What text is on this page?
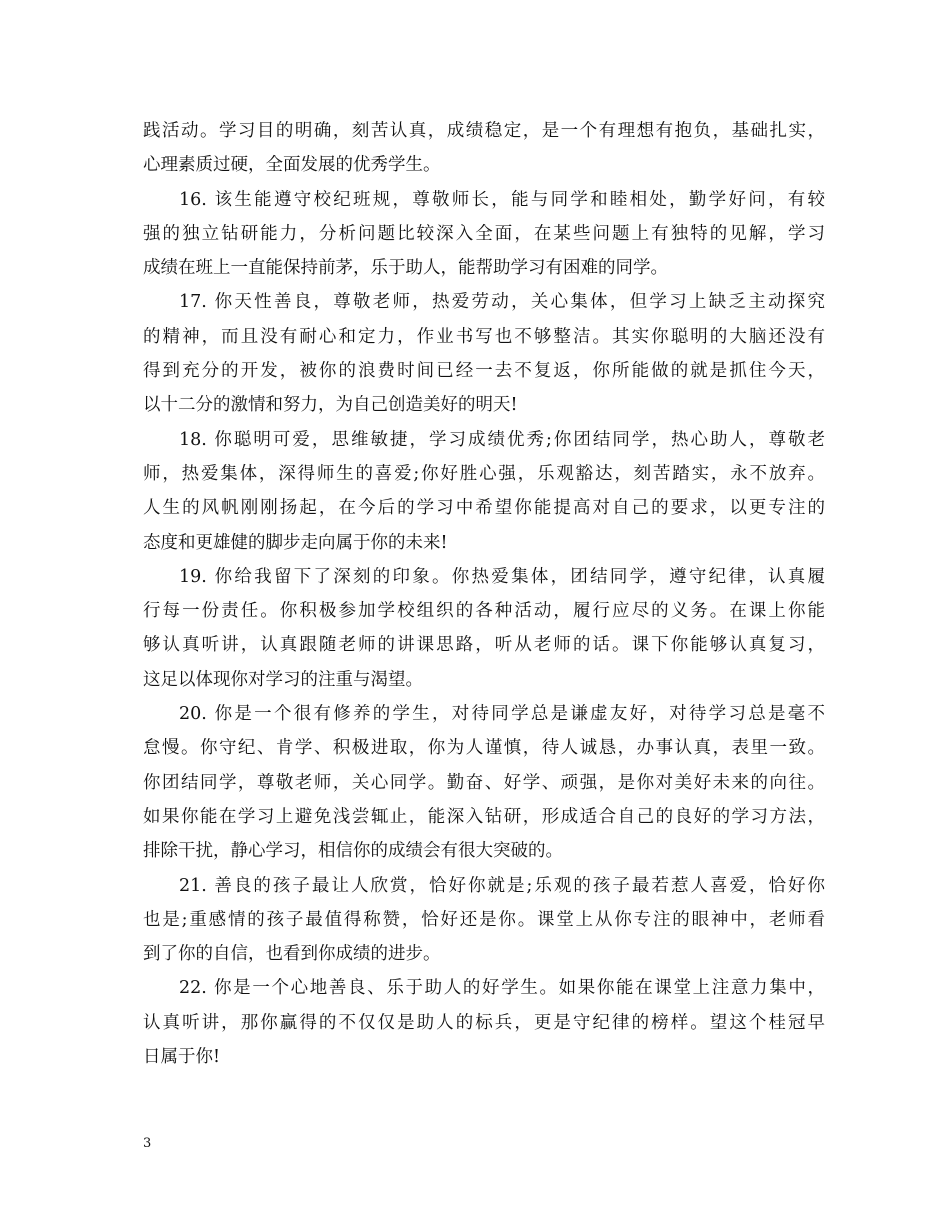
践活动。学习目的明确，刻苦认真，成绩稳定，是一个有理想有抱负，基础扎实，
心理素质过硬，全面发展的优秀学生。
16. 该生能遵守校纪班规，尊敬师长，能与同学和睦相处，勤学好问，有较
强的独立钻研能力，分析问题比较深入全面，在某些问题上有独特的见解，学习
成绩在班上一直能保持前茅，乐于助人，能帮助学习有困难的同学。
17. 你天性善良，尊敬老师，热爱劳动，关心集体，但学习上缺乏主动探究
的精神，而且没有耐心和定力，作业书写也不够整洁。其实你聪明的大脑还没有
得到充分的开发，被你的浪费时间已经一去不复返，你所能做的就是抓住今天，
以十二分的激情和努力，为自己创造美好的明天!
18. 你聪明可爱，思维敏捷，学习成绩优秀;你团结同学，热心助人，尊敬老
师，热爱集体，深得师生的喜爱;你好胜心强，乐观豁达，刻苦踏实，永不放弃。
人生的风帆刚刚扬起，在今后的学习中希望你能提高对自己的要求，以更专注的
态度和更雄健的脚步走向属于你的未来!
19. 你给我留下了深刻的印象。你热爱集体，团结同学，遵守纪律，认真履
行每一份责任。你积极参加学校组织的各种活动，履行应尽的义务。在课上你能
够认真听讲，认真跟随老师的讲课思路，听从老师的话。课下你能够认真复习，
这足以体现你对学习的注重与渴望。
20. 你是一个很有修养的学生，对待同学总是谦虚友好，对待学习总是毫不
怠慢。你守纪、肯学、积极进取，你为人谨慎，待人诚恳，办事认真，表里一致。
你团结同学，尊敬老师，关心同学。勤奋、好学、顽强，是你对美好未来的向往。
如果你能在学习上避免浅尝辄止，能深入钻研，形成适合自己的良好的学习方法，
排除干扰，静心学习，相信你的成绩会有很大突破的。
21. 善良的孩子最让人欣赏，恰好你就是;乐观的孩子最若惹人喜爱，恰好你
也是;重感情的孩子最值得称赞，恰好还是你。课堂上从你专注的眼神中，老师看
到了你的自信，也看到你成绩的进步。
22. 你是一个心地善良、乐于助人的好学生。如果你能在课堂上注意力集中，
认真听讲，那你赢得的不仅仅是助人的标兵，更是守纪律的榜样。望这个桂冠早
日属于你!
3
